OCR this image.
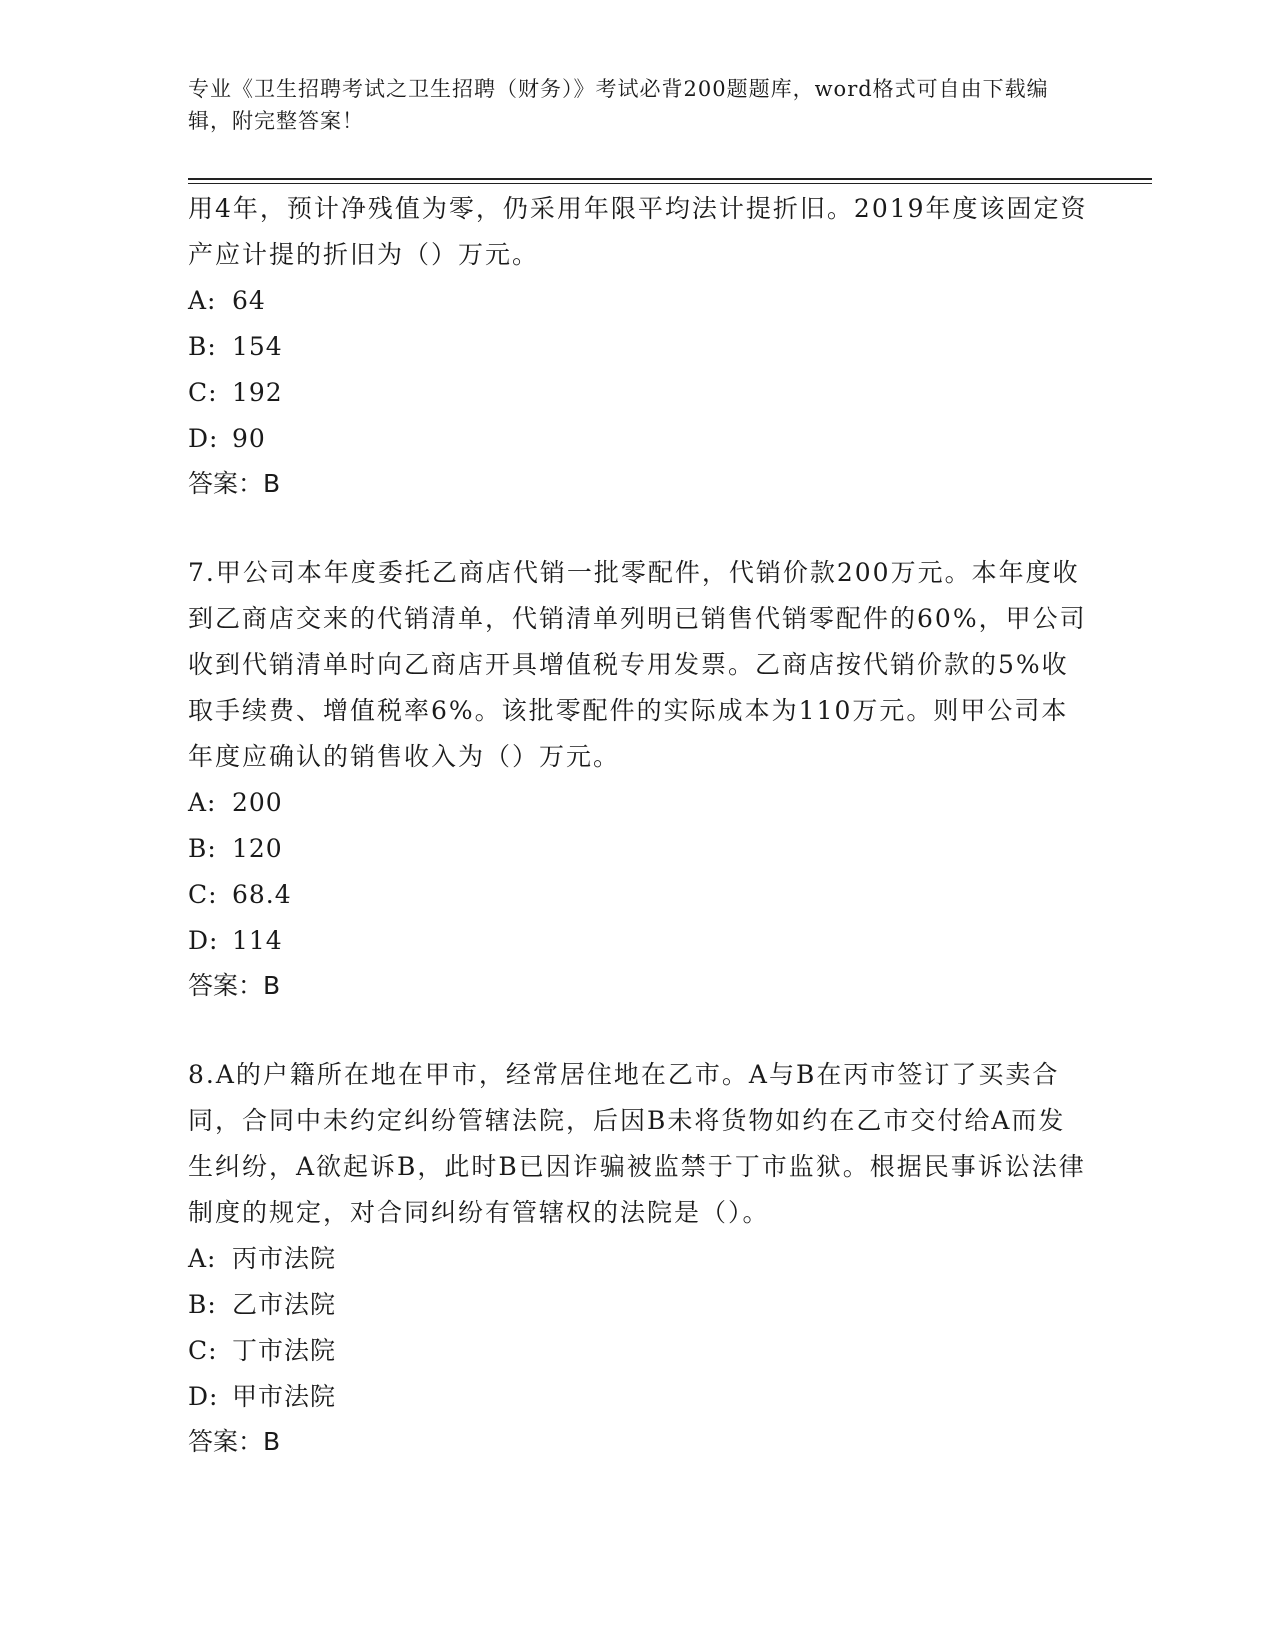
专业《卫生招聘考试之卫生招聘（财务）》考试必背200题题库，word格式可自由下载编辑，附完整答案！

用4年，预计净残值为零，仍采用年限平均法计提折旧。2019年度该固定资产应计提的折旧为（）万元。

A: 64
B: 154
C: 192
D: 90

答案：B

7.甲公司本年度委托乙商店代销一批零配件，代销价款200万元。本年度收到乙商店交来的代销清单，代销清单列明已销售代销零配件的60%，甲公司收到代销清单时向乙商店开具增值税专用发票。乙商店按代销价款的5%收取手续费、增值税率6%。该批零配件的实际成本为110万元。则甲公司本年度应确认的销售收入为（）万元。

A: 200
B: 120
C: 68.4
D: 114

答案：B

8.A的户籍所在地在甲市，经常居住地在乙市。A与B在丙市签订了买卖合同，合同中未约定纠纷管辖法院，后因B未将货物如约在乙市交付给A而发生纠纷，A欲起诉B，此时B已因诈骗被监禁于丁市监狱。根据民事诉讼法律制度的规定，对合同纠纷有管辖权的法院是（）。

A: 丙市法院
B: 乙市法院
C: 丁市法院
D: 甲市法院

答案：B
